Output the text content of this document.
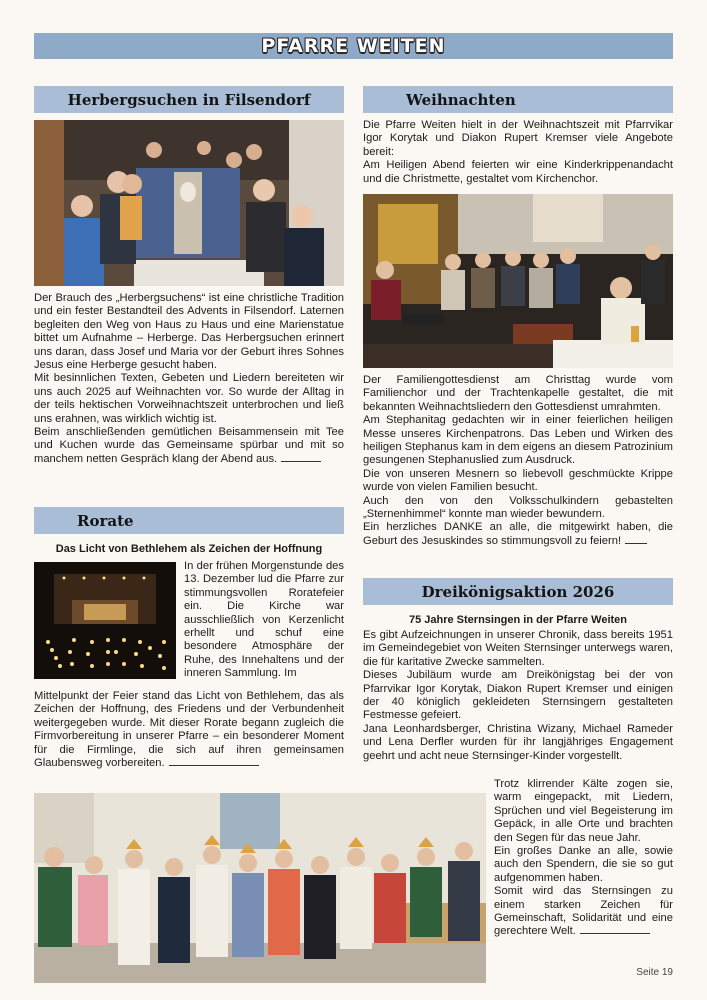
PFARRE WEITEN
Herbergsuchen in Filsendorf

Der Brauch des „Herbergsuchens“ ist eine christliche Tradition und ein fester Bestandteil des Advents in Filsendorf. Laternen begleiten den Weg von Haus zu Haus und eine Marienstatue bittet um Aufnahme – Herberge. Das Herbergsuchen erinnert uns daran, dass Josef und Maria vor der Geburt ihres Sohnes Jesus eine Herberge gesucht haben.

Mit besinnlichen Texten, Gebeten und Liedern bereiteten wir uns auch 2025 auf Weihnachten vor. So wurde der Alltag in der teils hektischen Vorweihnachtszeit unterbrochen und ließ uns erahnen, was wirklich wichtig ist.

Beim anschließenden gemütlichen Beisammensein mit Tee und Kuchen wurde das Gemeinsame spürbar und mit so manchem netten Gespräch klang der Abend aus.

Rorate
Das Licht von Bethlehem als Zeichen der Hoffnung

In der frühen Morgenstunde des 13. Dezember lud die Pfarre zur stimmungsvollen Roratefeier ein. Die Kirche war ausschließlich von Kerzenlicht erhellt und schuf eine besondere Atmosphäre der Ruhe, des Innehaltens und der inneren Sammlung. Im

Mittelpunkt der Feier stand das Licht von Bethlehem, das als Zeichen der Hoffnung, des Friedens und der Verbundenheit weitergegeben wurde. Mit dieser Rorate begann zugleich die Firmvorbereitung in unserer Pfarre – ein besonderer Moment für die Firmlinge, die sich auf ihren gemeinsamen Glaubensweg vorbereiten.

Weihnachten

Die Pfarre Weiten hielt in der Weihnachtszeit mit Pfarrvikar Igor Korytak und Diakon Rupert Kremser viele Angebote bereit:

Am Heiligen Abend feierten wir eine Kinderkrippenandacht und die Christmette, gestaltet vom Kirchenchor.

Der Familiengottesdienst am Christtag wurde vom Familienchor und der Trachtenkapelle gestaltet, die mit bekannten Weihnachtsliedern den Gottesdienst umrahmten.

Am Stephanitag gedachten wir in einer feierlichen heiligen Messe unseres Kirchenpatrons. Das Leben und Wirken des heiligen Stephanus kam in dem eigens an diesem Patrozinium gesungenen Stephanuslied zum Ausdruck.

Die von unseren Mesnern so liebevoll geschmückte Krippe wurde von vielen Familien besucht.

Auch den von den Volksschulkindern gebastelten „Sternenhimmel“ konnte man wieder bewundern.

Ein herzliches DANKE an alle, die mitgewirkt haben, die Geburt des Jesuskindes so stimmungsvoll zu feiern!

Dreikönigsaktion 2026
75 Jahre Sternsingen in der Pfarre Weiten

Es gibt Aufzeichnungen in unserer Chronik, dass bereits 1951 im Gemeindegebiet von Weiten Sternsinger unterwegs waren, die für karitative Zwecke sammelten.

Dieses Jubiläum wurde am Dreikönigstag bei der von Pfarrvikar Igor Korytak, Diakon Rupert Kremser und einigen der 40 königlich gekleideten Sternsingern gestalteten Festmesse gefeiert.

Jana Leonhardsberger, Christina Wizany, Michael Rameder und Lena Derfler wurden für ihr langjähriges Engagement geehrt und acht neue Sternsinger-Kinder vorgestellt.

Trotz klirrender Kälte zogen sie, warm eingepackt, mit Liedern, Sprüchen und viel Begeisterung im Gepäck, in alle Orte und brachten den Segen für das neue Jahr.

Ein großes Danke an alle, sowie auch den Spendern, die sie so gut aufgenommen haben.

Somit wird das Sternsingen zu einem starken Zeichen für Gemeinschaft, Solidarität und eine gerechtere Welt.

Seite 19
